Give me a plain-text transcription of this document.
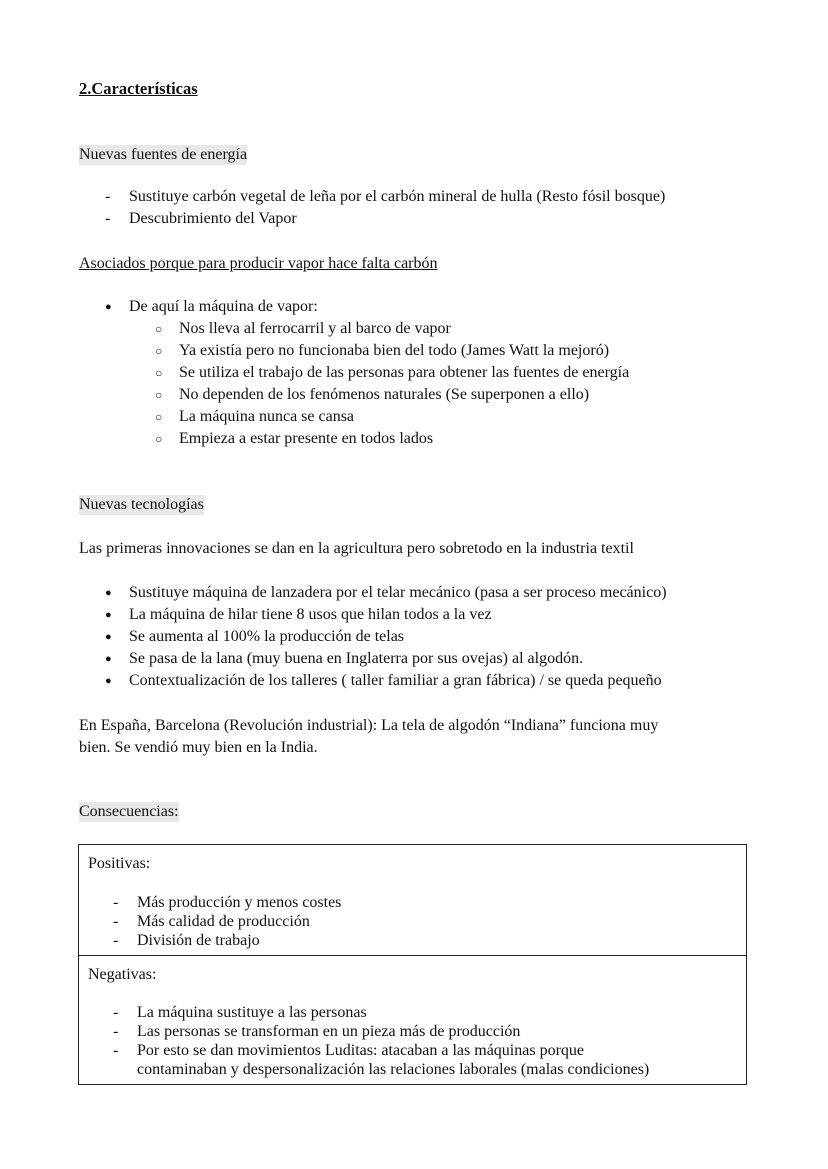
2.Características
Nuevas fuentes de energía
- Sustituye carbón vegetal de leña por el carbón mineral de hulla (Resto fósil bosque)
- Descubrimiento del Vapor
Asociados porque para producir vapor hace falta carbón
● De aquí la máquina de vapor:
○ Nos lleva al ferrocarril y al barco de vapor
○ Ya existía pero no funcionaba bien del todo (James Watt la mejoró)
○ Se utiliza el trabajo de las personas para obtener las fuentes de energía
○ No dependen de los fenómenos naturales (Se superponen a ello)
○ La máquina nunca se cansa
○ Empieza a estar presente en todos lados
Nuevas tecnologías
Las primeras innovaciones se dan en la agricultura pero sobretodo en la industria textil
● Sustituye máquina de lanzadera por el telar mecánico (pasa a ser proceso mecánico)
● La máquina de hilar tiene 8 usos que hilan todos a la vez
● Se aumenta al 100% la producción de telas
● Se pasa de la lana (muy buena en Inglaterra por sus ovejas) al algodón.
● Contextualización de los talleres ( taller familiar a gran fábrica) / se queda pequeño
En España, Barcelona (Revolución industrial): La tela de algodón “Indiana” funciona muy
bien. Se vendió muy bien en la India.
Consecuencias:
Positivas:
- Más producción y menos costes
- Más calidad de producción
- División de trabajo
Negativas:
- La máquina sustituye a las personas
- Las personas se transforman en un pieza más de producción
- Por esto se dan movimientos Luditas: atacaban a las máquinas porque
contaminaban y despersonalización las relaciones laborales (malas condiciones)
